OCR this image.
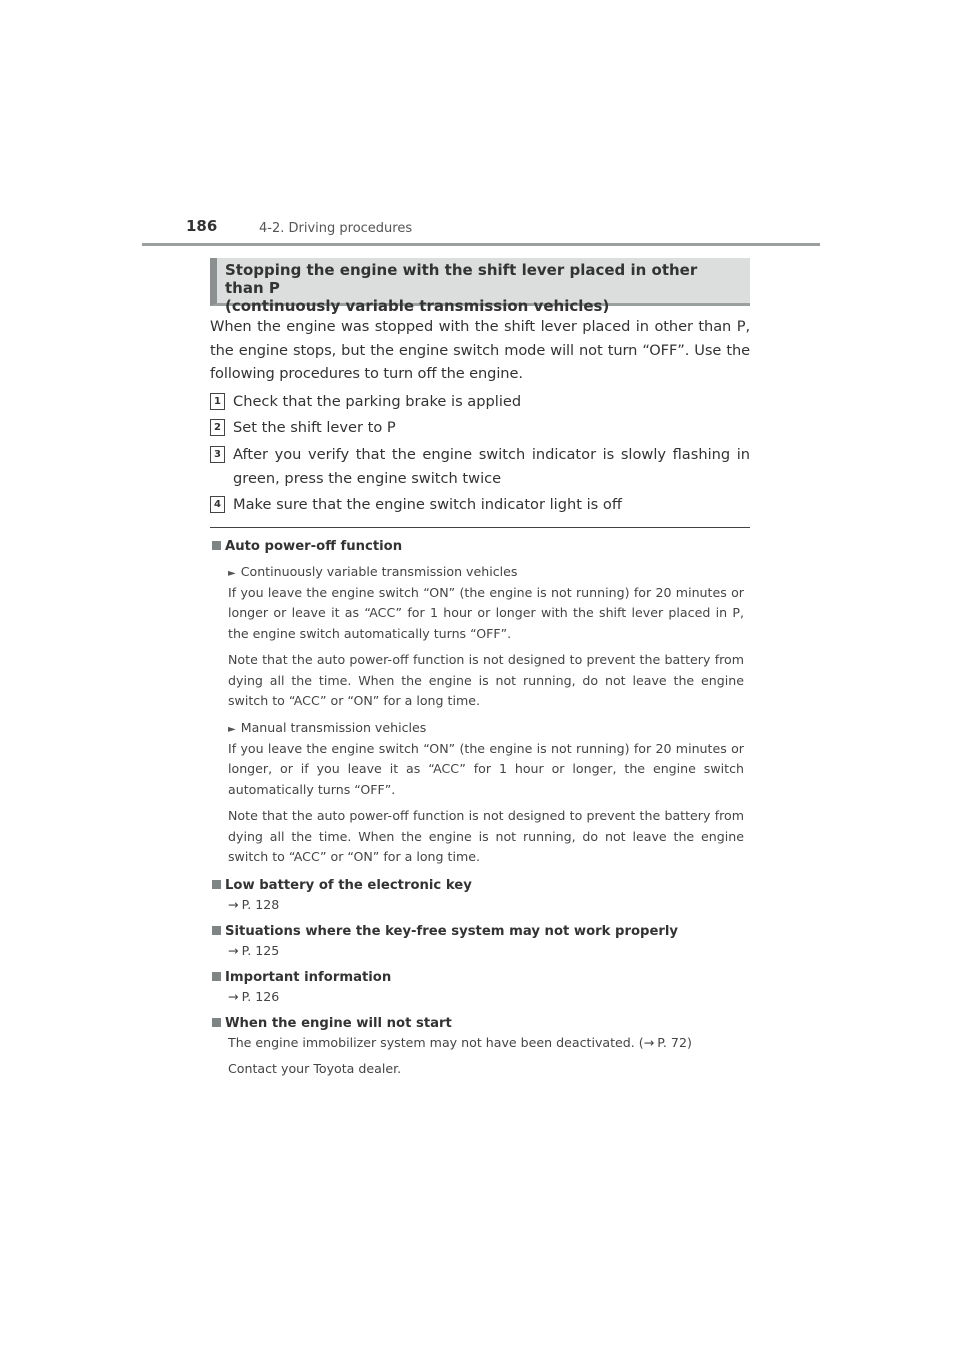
186	4-2. Driving procedures
Stopping the engine with the shift lever placed in other than P
(continuously variable transmission vehicles)
When the engine was stopped with the shift lever placed in other than P, the engine stops, but the engine switch mode will not turn “OFF”. Use the following procedures to turn off the engine.
1 Check that the parking brake is applied
2 Set the shift lever to P
3 After you verify that the engine switch indicator is slowly flashing in green, press the engine switch twice
4 Make sure that the engine switch indicator light is off
Auto power-off function
► Continuously variable transmission vehicles
If you leave the engine switch “ON” (the engine is not running) for 20 minutes or longer or leave it as “ACC” for 1 hour or longer with the shift lever placed in P, the engine switch automatically turns “OFF”.
Note that the auto power-off function is not designed to prevent the battery from dying all the time. When the engine is not running, do not leave the engine switch to “ACC” or “ON” for a long time.
► Manual transmission vehicles
If you leave the engine switch “ON” (the engine is not running) for 20 minutes or longer, or if you leave it as “ACC” for 1 hour or longer, the engine switch automatically turns “OFF”.
Note that the auto power-off function is not designed to prevent the battery from dying all the time. When the engine is not running, do not leave the engine switch to “ACC” or “ON” for a long time.
Low battery of the electronic key
→ P. 128
Situations where the key-free system may not work properly
→ P. 125
Important information
→ P. 126
When the engine will not start
The engine immobilizer system may not have been deactivated. (→ P. 72)
Contact your Toyota dealer.
